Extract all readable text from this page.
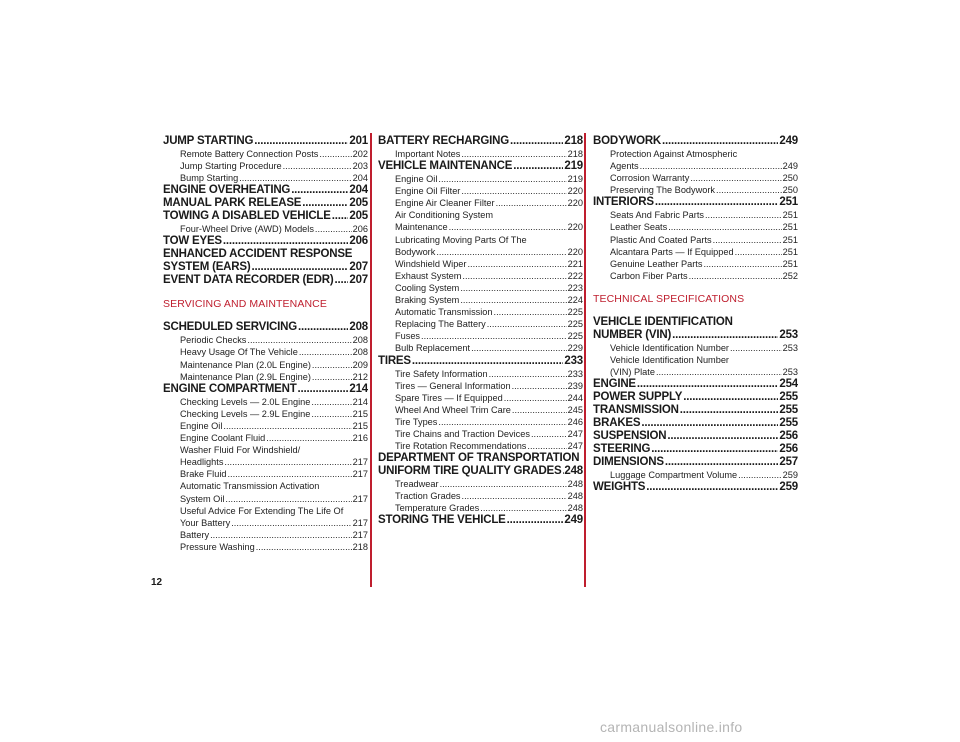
JUMP STARTING .....	201
Remote Battery Connection Posts .....	202
Jump Starting Procedure .....	203
Bump Starting .....	204
ENGINE OVERHEATING .....	204
MANUAL PARK RELEASE .....	205
TOWING A DISABLED VEHICLE ..... 205
Four-Wheel Drive (AWD) Models .....	206
TOW EYES .....	206
ENHANCED ACCIDENT RESPONSE
SYSTEM (EARS) .....	207
EVENT DATA RECORDER (EDR) ..... 207
SERVICING AND MAINTENANCE
SCHEDULED SERVICING .....	208
Periodic Checks .....	208
Heavy Usage Of The Vehicle .....	208
Maintenance Plan (2.0L Engine) .....	209
Maintenance Plan (2.9L Engine) .....	212
ENGINE COMPARTMENT .....	214
Checking Levels — 2.0L Engine .....	214
Checking Levels — 2.9L Engine .....	215
Engine Oil .....	215
Engine Coolant Fluid .....	216
Washer Fluid For Windshield/
Headlights .....	217
Brake Fluid .....	217
Automatic Transmission Activation
System Oil .....	217
Useful Advice For Extending The Life Of
Your Battery .....	217
Battery .....	217
Pressure Washing .....	218
BATTERY RECHARGING .....	218
Important Notes .....	218
VEHICLE MAINTENANCE .....	219
Engine Oil .....	219
Engine Oil Filter .....	220
Engine Air Cleaner Filter .....	220
Air Conditioning System
Maintenance .....	220
Lubricating Moving Parts Of The
Bodywork .....	220
Windshield Wiper .....	221
Exhaust System .....	222
Cooling System .....	223
Braking System .....	224
Automatic Transmission .....	225
Replacing The Battery .....	225
Fuses .....	225
Bulb Replacement .....	229
TIRES .....	233
Tire Safety Information .....	233
Tires — General Information .....	239
Spare Tires — If Equipped .....	244
Wheel And Wheel Trim Care .....	245
Tire Types .....	246
Tire Chains and Traction Devices .....	247
Tire Rotation Recommendations .....	247
DEPARTMENT OF TRANSPORTATION
UNIFORM TIRE QUALITY GRADES ..... 248
Treadwear .....	248
Traction Grades .....	248
Temperature Grades .....	248
STORING THE VEHICLE .....	249
BODYWORK .....	249
Protection Against Atmospheric
Agents .....	249
Corrosion Warranty .....	250
Preserving The Bodywork .....	250
INTERIORS .....	251
Seats And Fabric Parts .....	251
Leather Seats .....	251
Plastic And Coated Parts .....	251
Alcantara Parts — If Equipped .....	251
Genuine Leather Parts .....	251
Carbon Fiber Parts .....	252
TECHNICAL SPECIFICATIONS
VEHICLE IDENTIFICATION
NUMBER (VIN) .....	253
Vehicle Identification Number .....	253
Vehicle Identification Number
(VIN) Plate .....	253
ENGINE .....	254
POWER SUPPLY .....	255
TRANSMISSION .....	255
BRAKES .....	255
SUSPENSION .....	256
STEERING .....	256
DIMENSIONS .....	257
Luggage Compartment Volume .....	259
WEIGHTS .....	259
12
carmanualsonline.info
